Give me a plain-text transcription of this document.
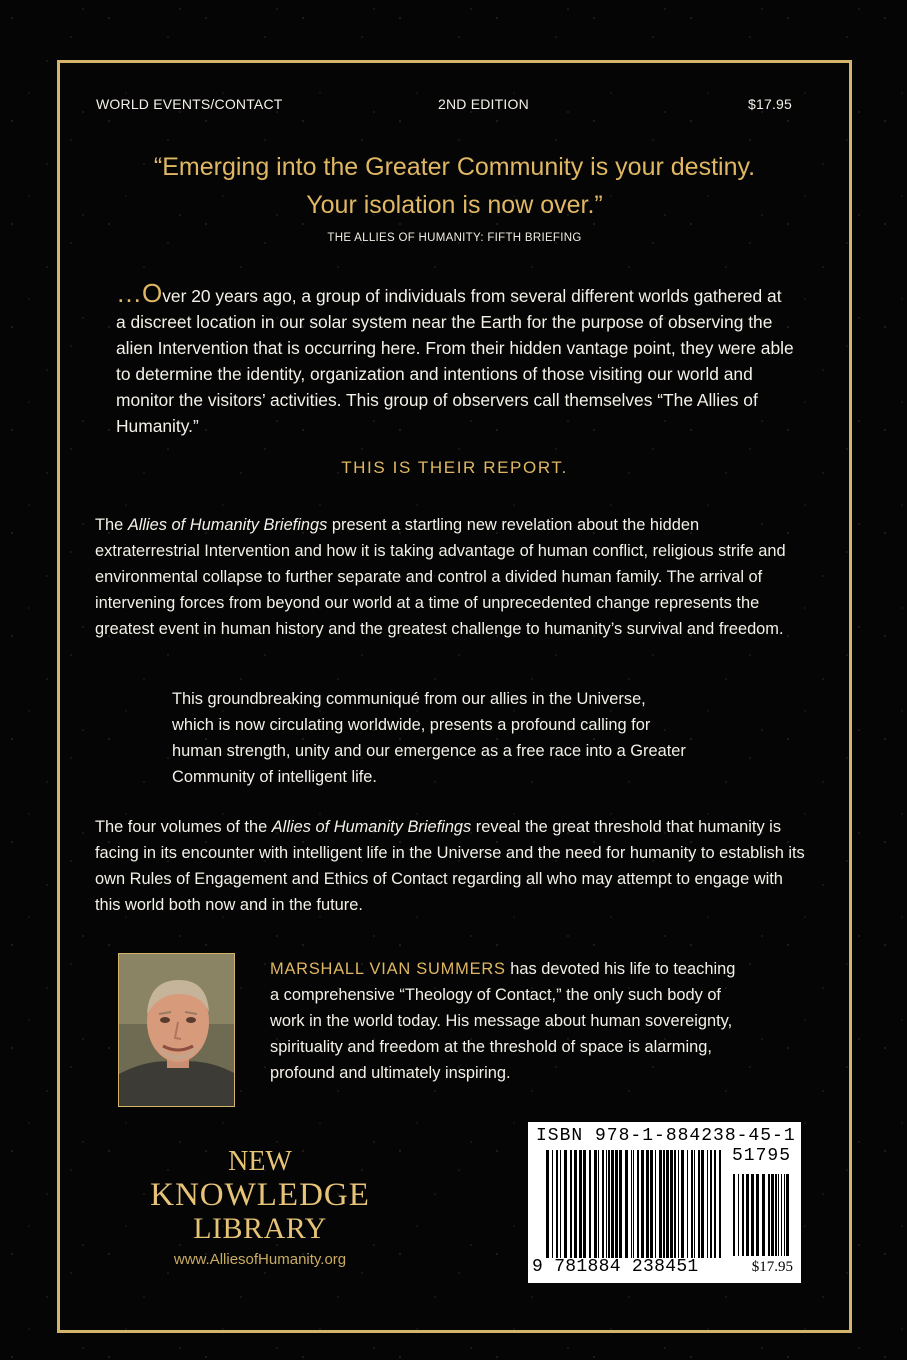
WORLD EVENTS/CONTACT	2ND EDITION	$17.95
“Emerging into the Greater Community is your destiny.
Your isolation is now over.”
THE ALLIES OF HUMANITY: FIFTH BRIEFING
…Over 20 years ago, a group of individuals from several different worlds gathered at a discreet location in our solar system near the Earth for the purpose of observing the alien Intervention that is occurring here. From their hidden vantage point, they were able to determine the identity, organization and intentions of those visiting our world and monitor the visitors’ activities. This group of observers call themselves “The Allies of Humanity.”
THIS IS THEIR REPORT.
The Allies of Humanity Briefings present a startling new revelation about the hidden extraterrestrial Intervention and how it is taking advantage of human conflict, religious strife and environmental collapse to further separate and control a divided human family. The arrival of intervening forces from beyond our world at a time of unprecedented change represents the greatest event in human history and the greatest challenge to humanity’s survival and freedom.
This groundbreaking communiqué from our allies in the Universe, which is now circulating worldwide, presents a profound calling for human strength, unity and our emergence as a free race into a Greater Community of intelligent life.
The four volumes of the Allies of Humanity Briefings reveal the great threshold that humanity is facing in its encounter with intelligent life in the Universe and the need for humanity to establish its own Rules of Engagement and Ethics of Contact regarding all who may attempt to engage with this world both now and in the future.
MARSHALL VIAN SUMMERS has devoted his life to teaching a comprehensive “Theology of Contact,” the only such body of work in the world today. His message about human sovereignty, spirituality and freedom at the threshold of space is alarming, profound and ultimately inspiring.
NEW
KNOWLEDGE
LIBRARY
www.AlliesofHumanity.org
ISBN 978-1-884238-45-1
51795
9 781884 238451	$17.95
